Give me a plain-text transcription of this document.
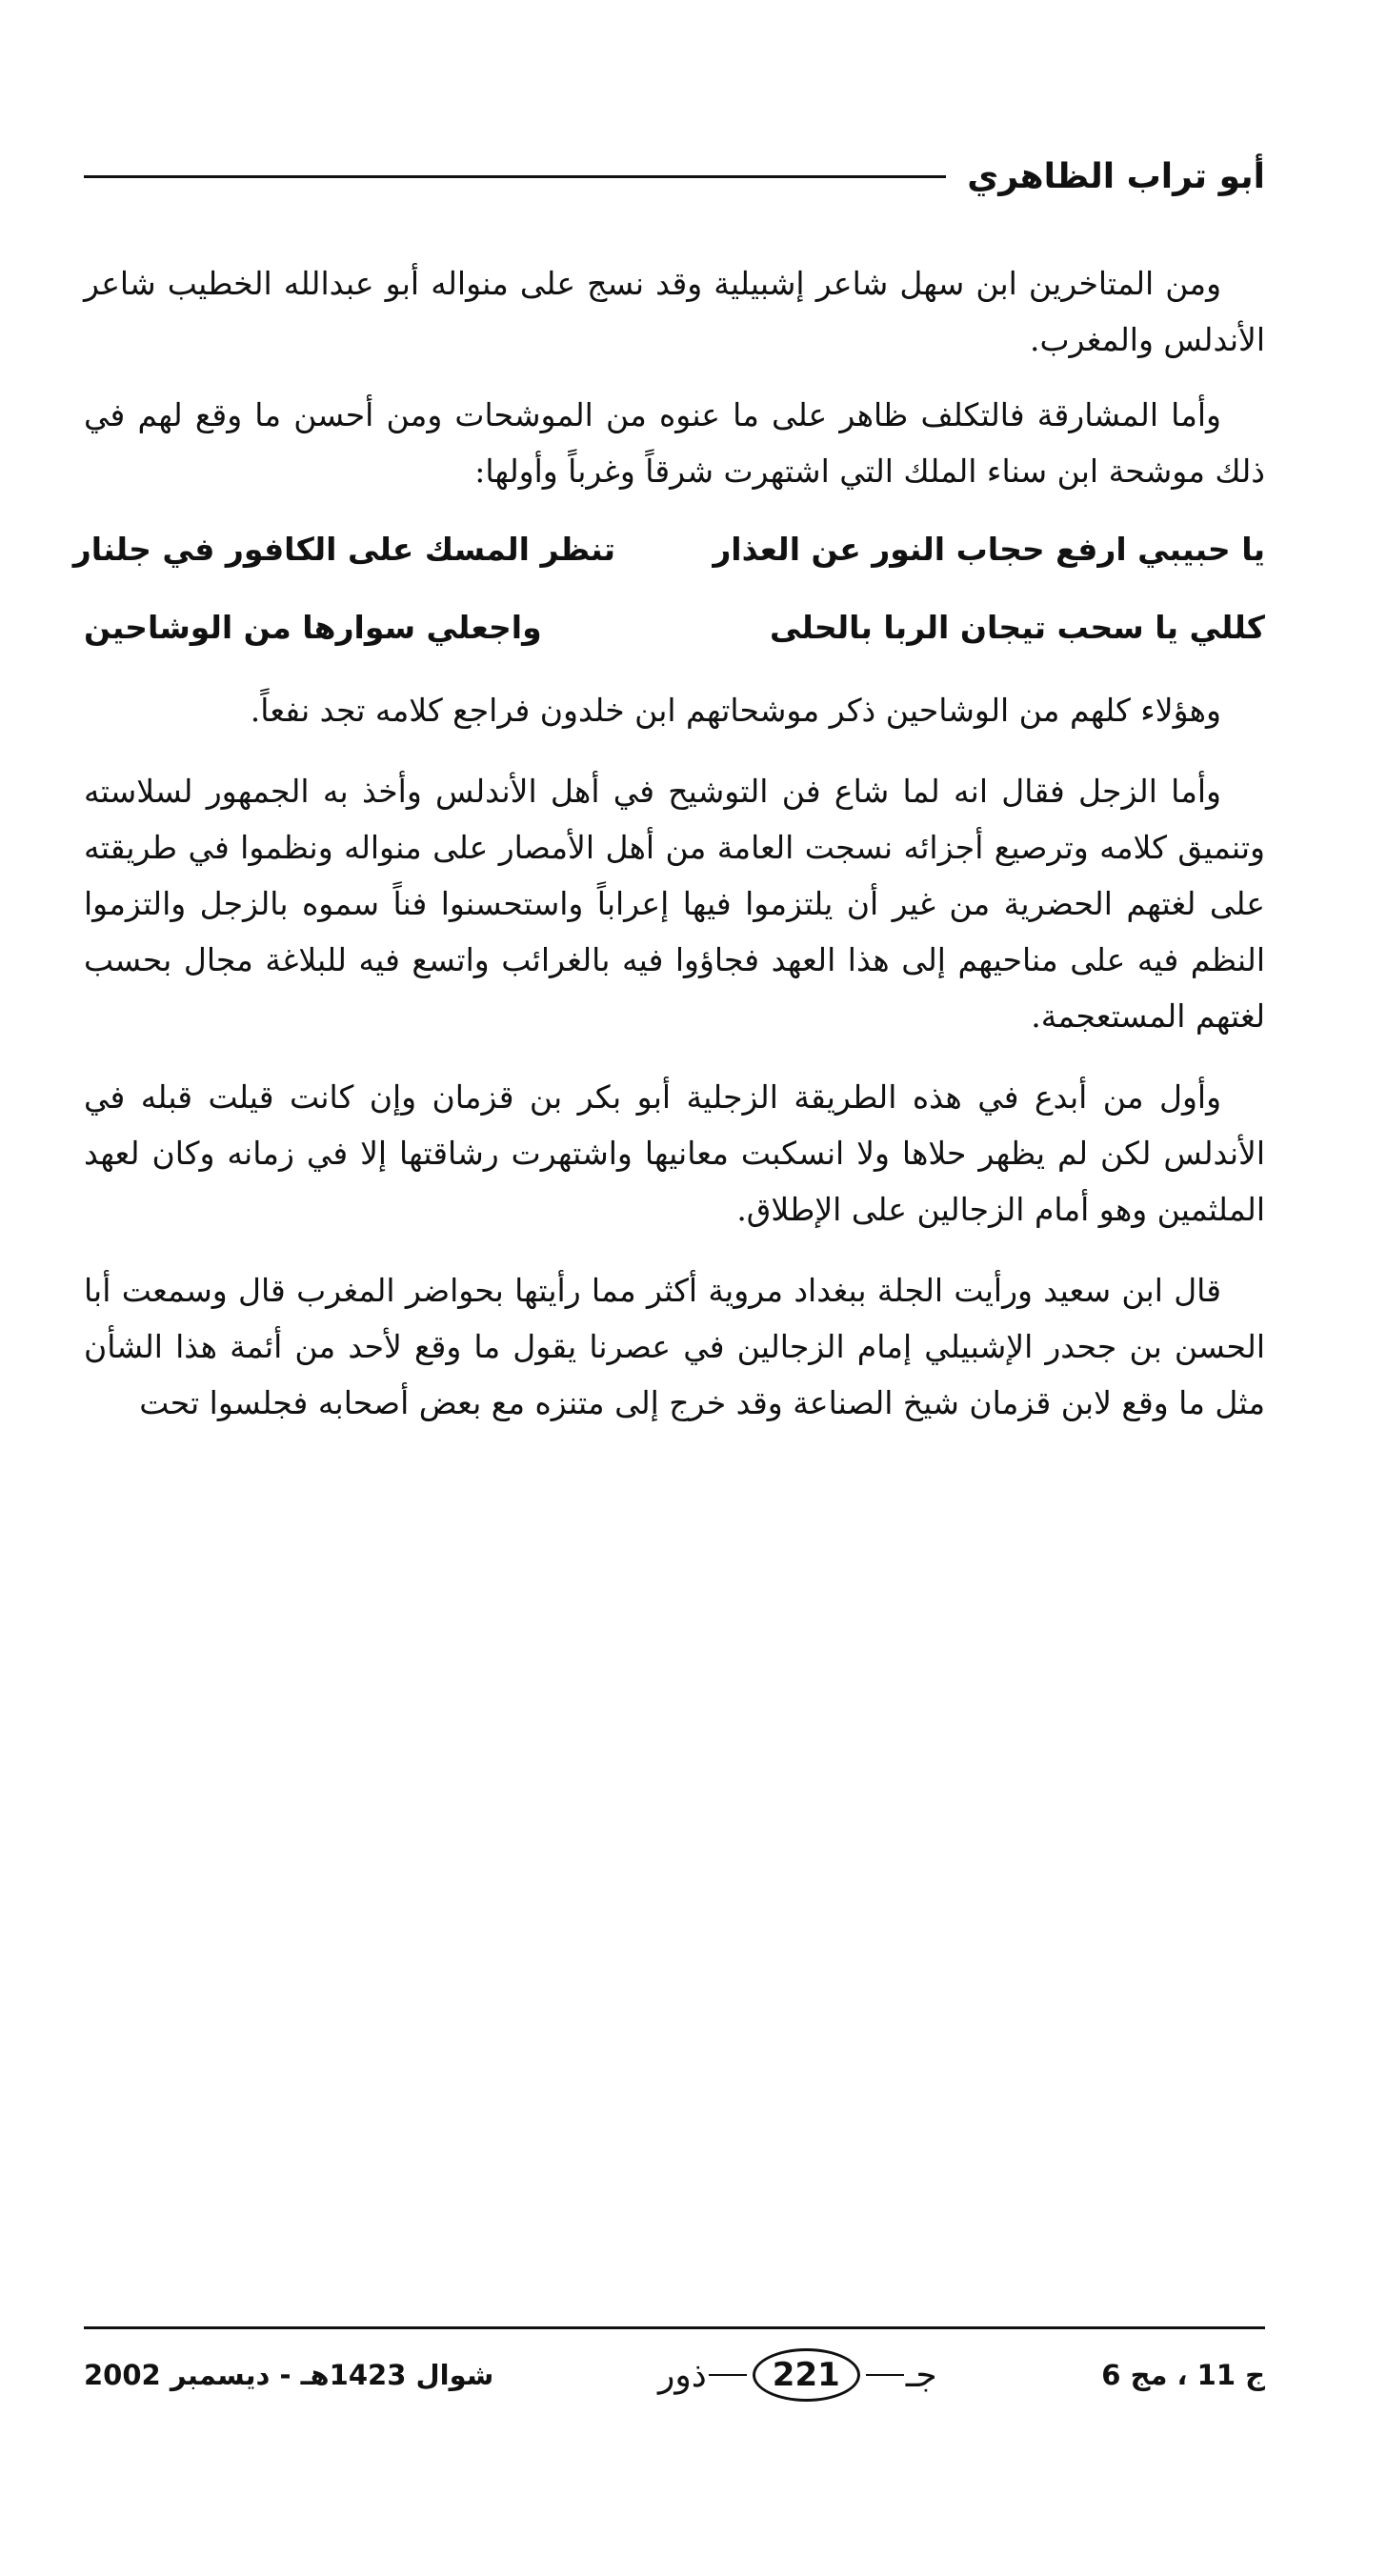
أبو تراب الظاهري

ومن المتاخرين ابن سهل شاعر إشبيلية وقد نسج على منواله أبو عبدالله الخطيب شاعر الأندلس والمغرب.

وأما المشارقة فالتكلف ظاهر على ما عنوه من الموشحات ومن أحسن ما وقع لهم في ذلك موشحة ابن سناء الملك التي اشتهرت شرقاً وغرباً وأولها:

يا حبيبي ارفع حجاب النور عن العذار
تنظر المسك على الكافور في جلنار
كللي يا سحب تيجان الربا بالحلى
واجعلي سوارها من الوشاحين

وهؤلاء كلهم من الوشاحين ذكر موشحاتهم ابن خلدون فراجع كلامه تجد نفعاً.

وأما الزجل فقال انه لما شاع فن التوشيح في أهل الأندلس وأخذ به الجمهور لسلاسته وتنميق كلامه وترصيع أجزائه نسجت العامة من أهل الأمصار على منواله ونظموا في طريقته على لغتهم الحضرية من غير أن يلتزموا فيها إعراباً واستحسنوا فناً سموه بالزجل والتزموا النظم فيه على مناحيهم إلى هذا العهد فجاؤوا فيه بالغرائب واتسع فيه للبلاغة مجال بحسب لغتهم المستعجمة.

وأول من أبدع في هذه الطريقة الزجلية أبو بكر بن قزمان وإن كانت قيلت قبله في الأندلس لكن لم يظهر حلاها ولا انسكبت معانيها واشتهرت رشاقتها إلا في زمانه وكان لعهد الملثمين وهو أمام الزجالين على الإطلاق.

قال ابن سعيد ورأيت الجلة ببغداد مروية أكثر مما رأيتها بحواضر المغرب قال وسمعت أبا الحسن بن جحدر الإشبيلي إمام الزجالين في عصرنا يقول ما وقع لأحد من أئمة هذا الشأن مثل ما وقع لابن قزمان شيخ الصناعة وقد خرج إلى متنزه مع بعض أصحابه فجلسوا تحت

ج 11 ، مج 6
جـ
221
ذور
شوال 1423هـ - ديسمبر 2002
